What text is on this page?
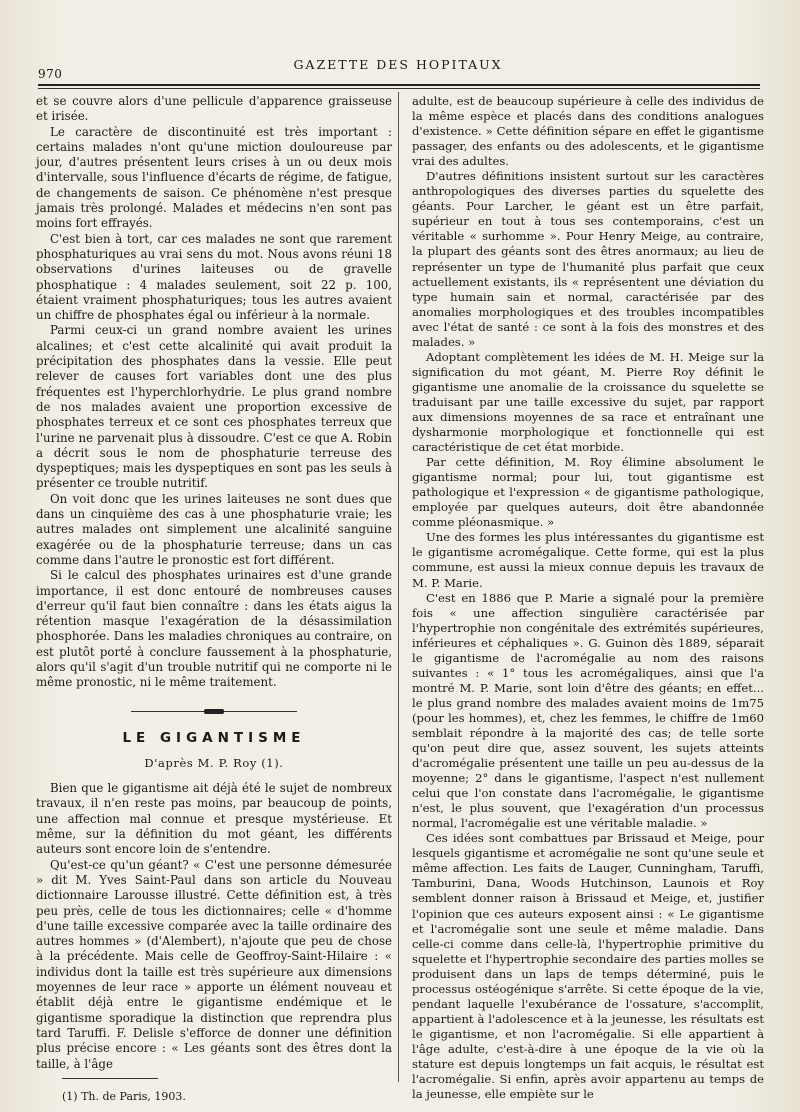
970
GAZETTE DES HOPITAUX

et se couvre alors d'une pellicule d'apparence graisseuse et irisée.

Le caractère de discontinuité est très important : certains malades n'ont qu'une miction douloureuse par jour, d'autres présentent leurs crises à un ou deux mois d'intervalle, sous l'influence d'écarts de régime, de fatigue, de changements de saison. Ce phénomène n'est presque jamais très prolongé. Malades et médecins n'en sont pas moins fort effrayés.

C'est bien à tort, car ces malades ne sont que rarement phosphaturiques au vrai sens du mot. Nous avons réuni 18 observations d'urines laiteuses ou de gravelle phosphatique : 4 malades seulement, soit 22 p. 100, étaient vraiment phosphaturiques; tous les autres avaient un chiffre de phosphates égal ou inférieur à la normale.

Parmi ceux-ci un grand nombre avaient les urines alcalines; et c'est cette alcalinité qui avait produit la précipitation des phosphates dans la vessie. Elle peut relever de causes fort variables dont une des plus fréquentes est l'hyperchlorhydrie. Le plus grand nombre de nos malades avaient une proportion excessive de phosphates terreux et ce sont ces phosphates terreux que l'urine ne parvenait plus à dissoudre. C'est ce que A. Robin a décrit sous le nom de phosphaturie terreuse des dyspeptiques; mais les dyspeptiques en sont pas les seuls à présenter ce trouble nutritif.

On voit donc que les urines laiteuses ne sont dues que dans un cinquième des cas à une phosphaturie vraie; les autres malades ont simplement une alcalinité sanguine exagérée ou de la phosphaturie terreuse; dans un cas comme dans l'autre le pronostic est fort différent.

Si le calcul des phosphates urinaires est d'une grande importance, il est donc entouré de nombreuses causes d'erreur qu'il faut bien connaître : dans les états aigus la rétention masque l'exagération de la désassimilation phosphorée. Dans les maladies chroniques au contraire, on est plutôt porté à conclure faussement à la phosphaturie, alors qu'il s'agit d'un trouble nutritif qui ne comporte ni le même pronostic, ni le même traitement.

LE GIGANTISME
D'après M. P. Roy (1).

Bien que le gigantisme ait déjà été le sujet de nombreux travaux, il n'en reste pas moins, par beaucoup de points, une affection mal connue et presque mystérieuse. Et même, sur la définition du mot géant, les différents auteurs sont encore loin de s'entendre.

Qu'est-ce qu'un géant? « C'est une personne démesurée » dit M. Yves Saint-Paul dans son article du Nouveau dictionnaire Larousse illustré. Cette définition est, à très peu près, celle de tous les dictionnaires; celle « d'homme d'une taille excessive comparée avec la taille ordinaire des autres hommes » (d'Alembert), n'ajoute que peu de chose à la précédente. Mais celle de Geoffroy-Saint-Hilaire : « individus dont la taille est très supérieure aux dimensions moyennes de leur race » apporte un élément nouveau et établit déjà entre le gigantisme endémique et le gigantisme sporadique la distinction que reprendra plus tard Taruffi. F. Delisle s'efforce de donner une définition plus précise encore : « Les géants sont des êtres dont la taille, à l'âge

adulte, est de beaucoup supérieure à celle des individus de la même espèce et placés dans des conditions analogues d'existence. » Cette définition sépare en effet le gigantisme passager, des enfants ou des adolescents, et le gigantisme vrai des adultes.

D'autres définitions insistent surtout sur les caractères anthropologiques des diverses parties du squelette des géants. Pour Larcher, le géant est un être parfait, supérieur en tout à tous ses contemporains, c'est un véritable « surhomme ». Pour Henry Meige, au contraire, la plupart des géants sont des êtres anormaux; au lieu de représenter un type de l'humanité plus parfait que ceux actuellement existants, ils « représentent une déviation du type humain sain et normal, caractérisée par des anomalies morphologiques et des troubles incompatibles avec l'état de santé : ce sont à la fois des monstres et des malades. »

Adoptant complètement les idées de M. H. Meige sur la signification du mot géant, M. Pierre Roy définit le gigantisme une anomalie de la croissance du squelette se traduisant par une taille excessive du sujet, par rapport aux dimensions moyennes de sa race et entraînant une dysharmonie morphologique et fonctionnelle qui est caractéristique de cet état morbide.

Par cette définition, M. Roy élimine absolument le gigantisme normal; pour lui, tout gigantisme est pathologique et l'expression « de gigantisme pathologique, employée par quelques auteurs, doit être abandonnée comme pléonasmique. »

Une des formes les plus intéressantes du gigantisme est le gigantisme acromégalique. Cette forme, qui est la plus commune, est aussi la mieux connue depuis les travaux de M. P. Marie.

C'est en 1886 que P. Marie a signalé pour la première fois « une affection singulière caractérisée par l'hypertrophie non congénitale des extrémités supérieures, inférieures et céphaliques ». G. Guinon dès 1889, séparait le gigantisme de l'acromégalie au nom des raisons suivantes : « 1° tous les acromégaliques, ainsi que l'a montré M. P. Marie, sont loin d'être des géants; en effet... le plus grand nombre des malades avaient moins de 1m75 (pour les hommes), et, chez les femmes, le chiffre de 1m60 semblait répondre à la majorité des cas; de telle sorte qu'on peut dire que, assez souvent, les sujets atteints d'acromégalie présentent une taille un peu au-dessus de la moyenne; 2° dans le gigantisme, l'aspect n'est nullement celui que l'on constate dans l'acromégalie, le gigantisme n'est, le plus souvent, que l'exagération d'un processus normal, l'acromégalie est une véritable maladie. »

Ces idées sont combattues par Brissaud et Meige, pour lesquels gigantisme et acromégalie ne sont qu'une seule et même affection. Les faits de Lauger, Cunningham, Taruffi, Tamburini, Dana, Woods Hutchinson, Launois et Roy semblent donner raison à Brissaud et Meige, et, justifier l'opinion que ces auteurs exposent ainsi : « Le gigantisme et l'acromégalie sont une seule et même maladie. Dans celle-ci comme dans celle-là, l'hypertrophie primitive du squelette et l'hypertrophie secondaire des parties molles se produisent dans un laps de temps déterminé, puis le processus ostéogénique s'arrête. Si cette époque de la vie, pendant laquelle l'exubérance de l'ossature, s'accomplit, appartient à l'adolescence et à la jeunesse, les résultats est le gigantisme, et non l'acromégalie. Si elle appartient à l'âge adulte, c'est-à-dire à une époque de la vie où la stature est depuis longtemps un fait acquis, le résultat est l'acromégalie. Si enfin, après avoir appartenu au temps de la jeunesse, elle empiète sur le

(1) Th. de Paris, 1903.
